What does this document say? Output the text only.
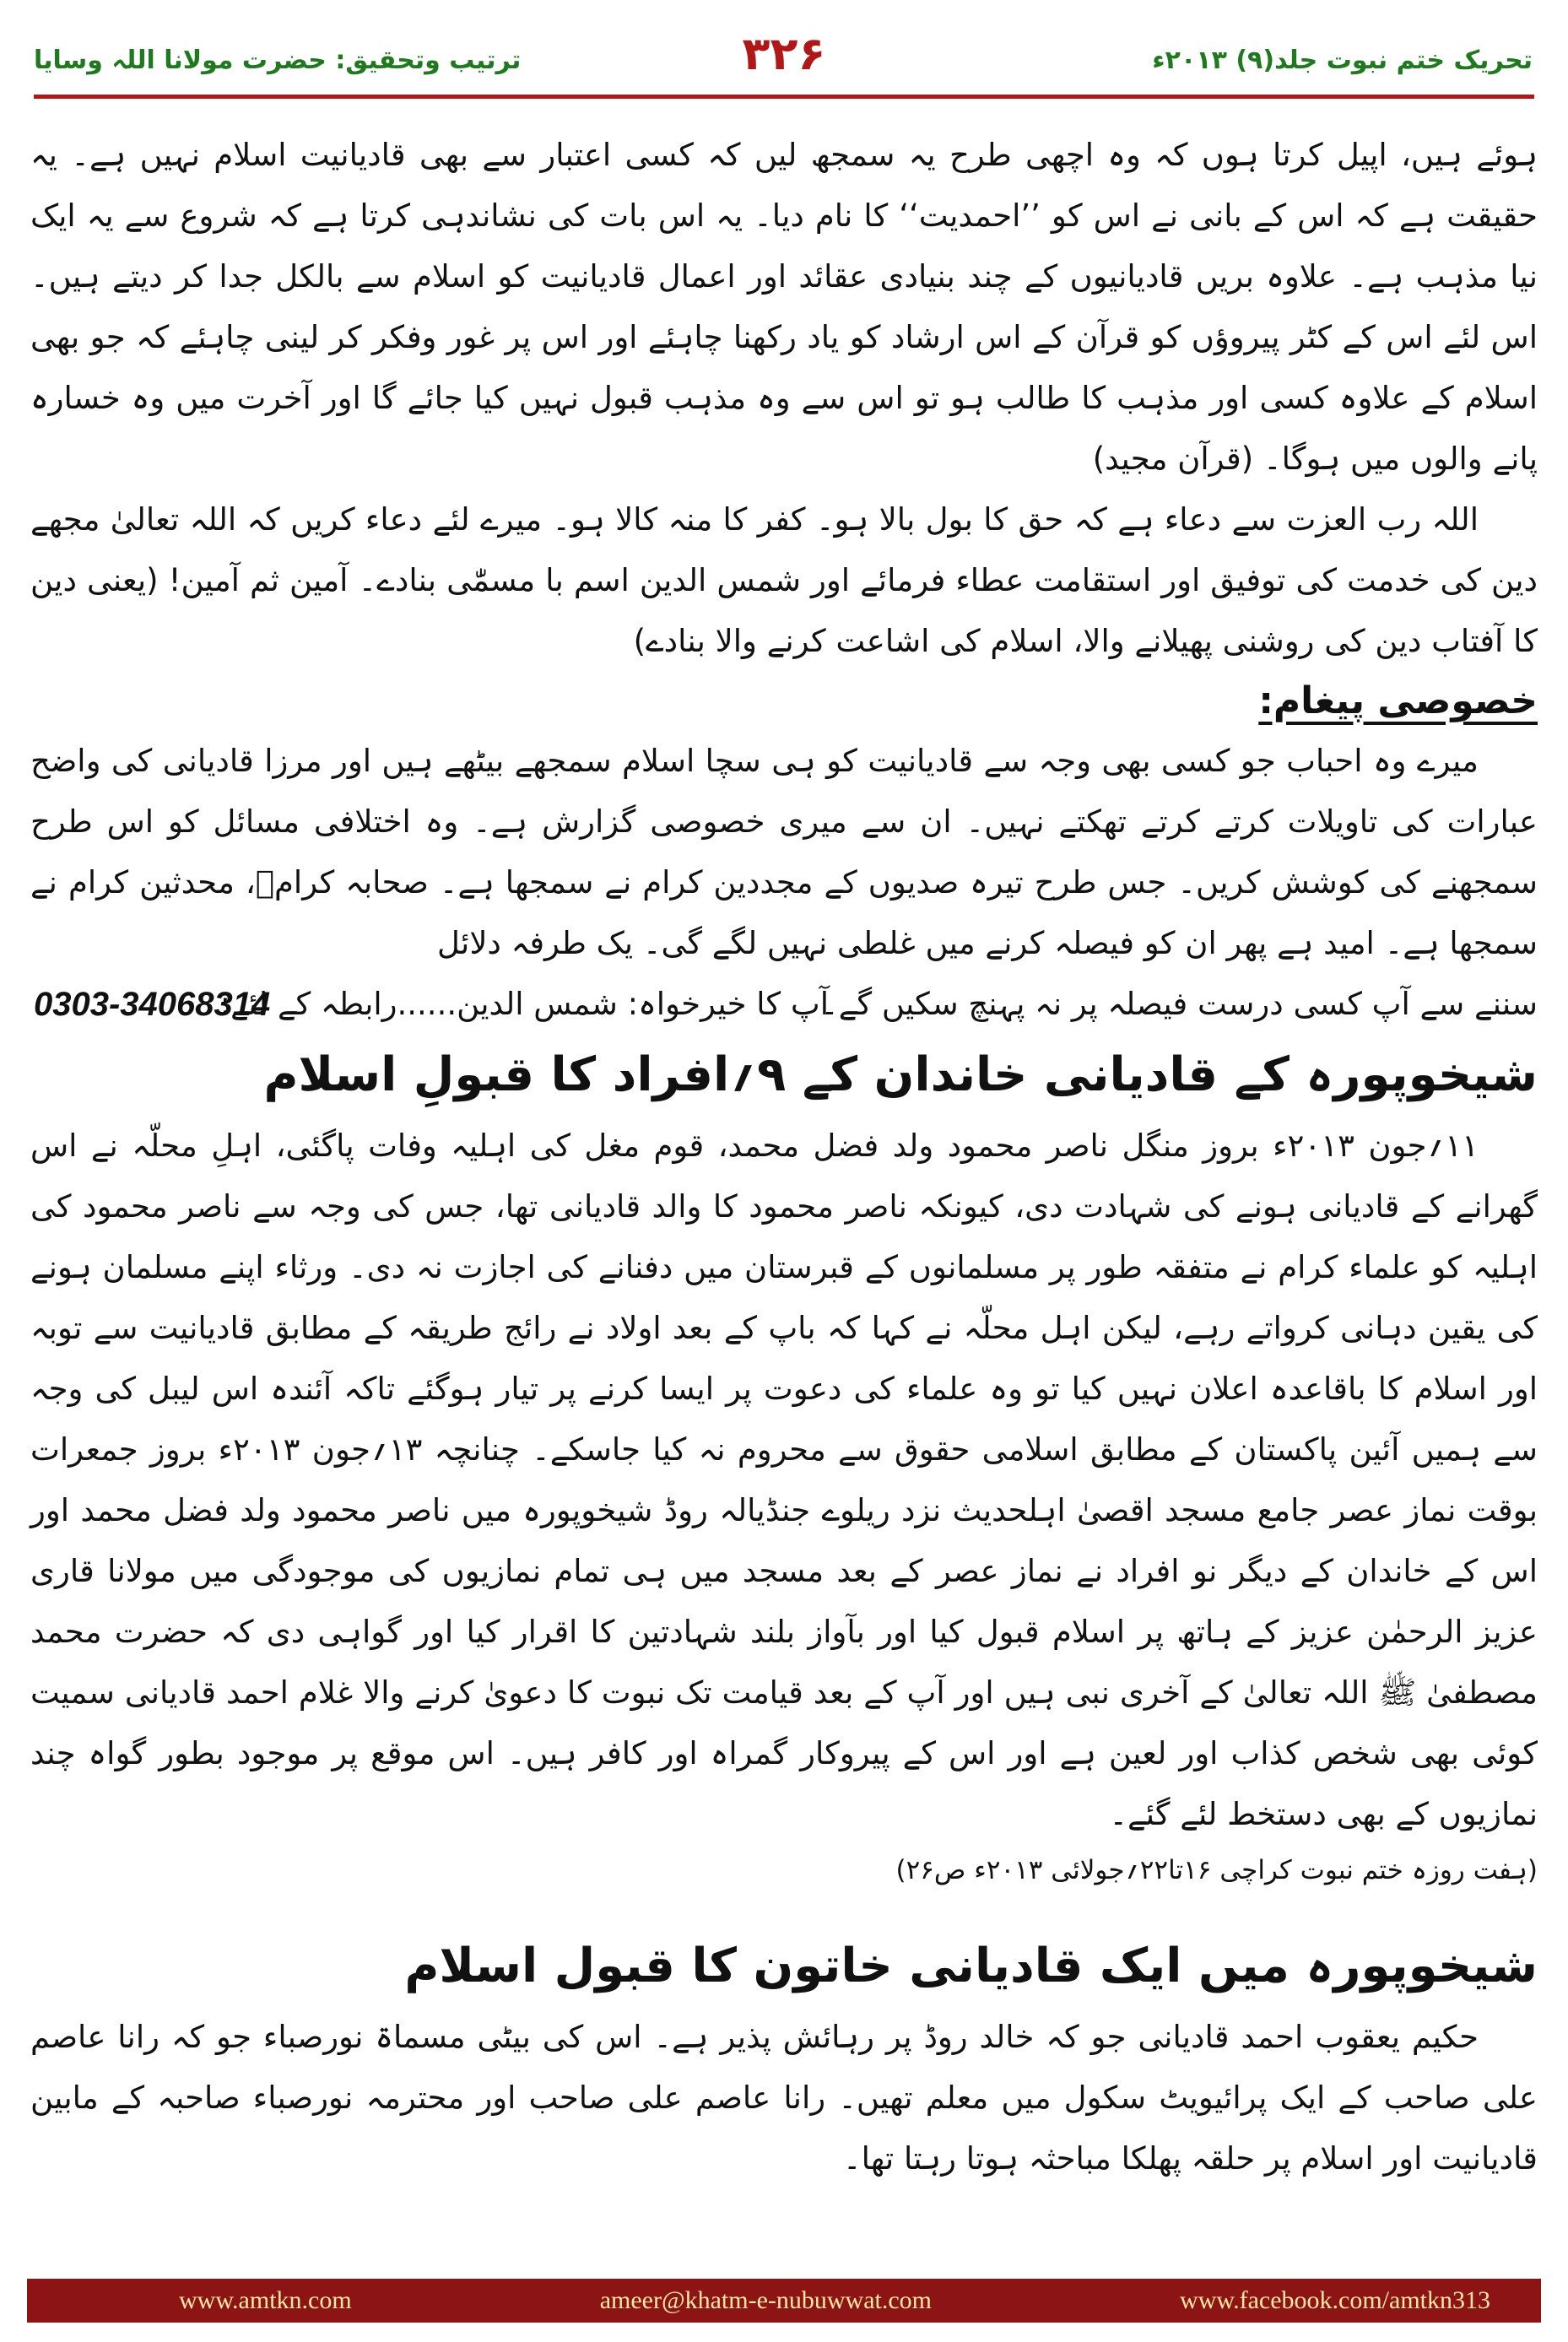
تحریک ختم نبوت جلد(۹) ۲۰۱۳ء
۳۲۶
ترتیب وتحقیق: حضرت مولانا اللہ وسایا

ہوئے ہیں، اپیل کرتا ہوں کہ وہ اچھی طرح یہ سمجھ لیں کہ کسی اعتبار سے بھی قادیانیت اسلام نہیں ہے۔ یہ حقیقت ہے کہ اس کے بانی نے اس کو ’’احمدیت‘‘ کا نام دیا۔ یہ اس بات کی نشاندہی کرتا ہے کہ شروع سے یہ ایک نیا مذہب ہے۔ علاوہ بریں قادیانیوں کے چند بنیادی عقائد اور اعمال قادیانیت کو اسلام سے بالکل جدا کر دیتے ہیں۔ اس لئے اس کے کٹر پیروؤں کو قرآن کے اس ارشاد کو یاد رکھنا چاہئے اور اس پر غور وفکر کر لینی چاہئے کہ جو بھی اسلام کے علاوہ کسی اور مذہب کا طالب ہو تو اس سے وہ مذہب قبول نہیں کیا جائے گا اور آخرت میں وہ خسارہ پانے والوں میں ہوگا۔ (قرآن مجید)

اللہ رب العزت سے دعاء ہے کہ حق کا بول بالا ہو۔ کفر کا منہ کالا ہو۔ میرے لئے دعاء کریں کہ اللہ تعالیٰ مجھے دین کی خدمت کی توفیق اور استقامت عطاء فرمائے اور شمس الدین اسم با مسمّٰی بنادے۔ آمین ثم آمین! (یعنی دین کا آفتاب دین کی روشنی پھیلانے والا، اسلام کی اشاعت کرنے والا بنادے)

خصوصی پیغام:

میرے وہ احباب جو کسی بھی وجہ سے قادیانیت کو ہی سچا اسلام سمجھے بیٹھے ہیں اور مرزا قادیانی کی واضح عبارات کی تاویلات کرتے کرتے تھکتے نہیں۔ ان سے میری خصوصی گزارش ہے۔ وہ اختلافی مسائل کو اس طرح سمجھنے کی کوشش کریں۔ جس طرح تیرہ صدیوں کے مجددین کرام نے سمجھا ہے۔ صحابہ کرامؓ، محدثین کرام نے سمجھا ہے۔ امید ہے پھر ان کو فیصلہ کرنے میں غلطی نہیں لگے گی۔ یک طرفہ دلائل

سننے سے آپ کسی درست فیصلہ پر نہ پہنچ سکیں گے۔
آپ کا خیرخواہ: شمس الدین......رابطہ کے لئے:
0303-34068314

شیخوپورہ کے قادیانی خاندان کے ۹؍افراد کا قبولِ اسلام

۱۱؍جون ۲۰۱۳ء بروز منگل ناصر محمود ولد فضل محمد، قوم مغل کی اہلیہ وفات پاگئی، اہلِ محلّہ نے اس گھرانے کے قادیانی ہونے کی شہادت دی، کیونکہ ناصر محمود کا والد قادیانی تھا، جس کی وجہ سے ناصر محمود کی اہلیہ کو علماء کرام نے متفقہ طور پر مسلمانوں کے قبرستان میں دفنانے کی اجازت نہ دی۔ ورثاء اپنے مسلمان ہونے کی یقین دہانی کرواتے رہے، لیکن اہل محلّہ نے کہا کہ باپ کے بعد اولاد نے رائج طریقہ کے مطابق قادیانیت سے توبہ اور اسلام کا باقاعدہ اعلان نہیں کیا تو وہ علماء کی دعوت پر ایسا کرنے پر تیار ہوگئے تاکہ آئندہ اس لیبل کی وجہ سے ہمیں آئین پاکستان کے مطابق اسلامی حقوق سے محروم نہ کیا جاسکے۔ چنانچہ ۱۳؍جون ۲۰۱۳ء بروز جمعرات بوقت نماز عصر جامع مسجد اقصیٰ اہلحدیث نزد ریلوے جنڈیالہ روڈ شیخوپورہ میں ناصر محمود ولد فضل محمد اور اس کے خاندان کے دیگر نو افراد نے نماز عصر کے بعد مسجد میں ہی تمام نمازیوں کی موجودگی میں مولانا قاری عزیز الرحمٰن عزیز کے ہاتھ پر اسلام قبول کیا اور بآواز بلند شہادتین کا اقرار کیا اور گواہی دی کہ حضرت محمد مصطفیٰ ﷺ اللہ تعالیٰ کے آخری نبی ہیں اور آپ کے بعد قیامت تک نبوت کا دعویٰ کرنے والا غلام احمد قادیانی سمیت کوئی بھی شخص کذاب اور لعین ہے اور اس کے پیروکار گمراہ اور کافر ہیں۔ اس موقع پر موجود بطور گواہ چند نمازیوں کے بھی دستخط لئے گئے۔

(ہفت روزہ ختم نبوت کراچی ۱۶تا۲۲؍جولائی ۲۰۱۳ء ص۲۶)

شیخوپورہ میں ایک قادیانی خاتون کا قبول اسلام

حکیم یعقوب احمد قادیانی جو کہ خالد روڈ پر رہائش پذیر ہے۔ اس کی بیٹی مسماۃ نورصباء جو کہ رانا عاصم علی صاحب کے ایک پرائیویٹ سکول میں معلم تھیں۔ رانا عاصم علی صاحب اور محترمہ نورصباء صاحبہ کے مابین قادیانیت اور اسلام پر حلقہ پھلکا مباحثہ ہوتا رہتا تھا۔

www.amtkn.com	ameer@khatm-e-nubuwwat.com	www.facebook.com/amtkn313
